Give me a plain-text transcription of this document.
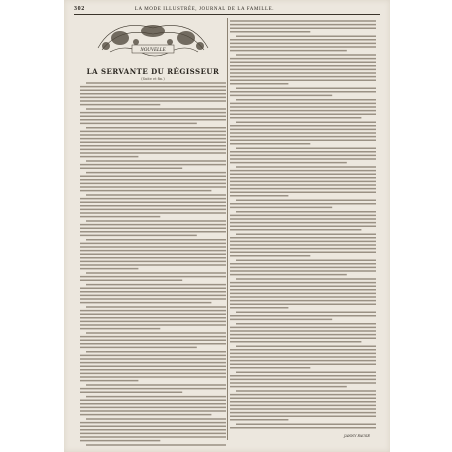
302	LA MODE ILLUSTRÉE, JOURNAL DE LA FAMILLE.
NOUVELLE
LA SERVANTE DU RÉGISSEUR
(Suite et fin.)
JANNY PAUSE
